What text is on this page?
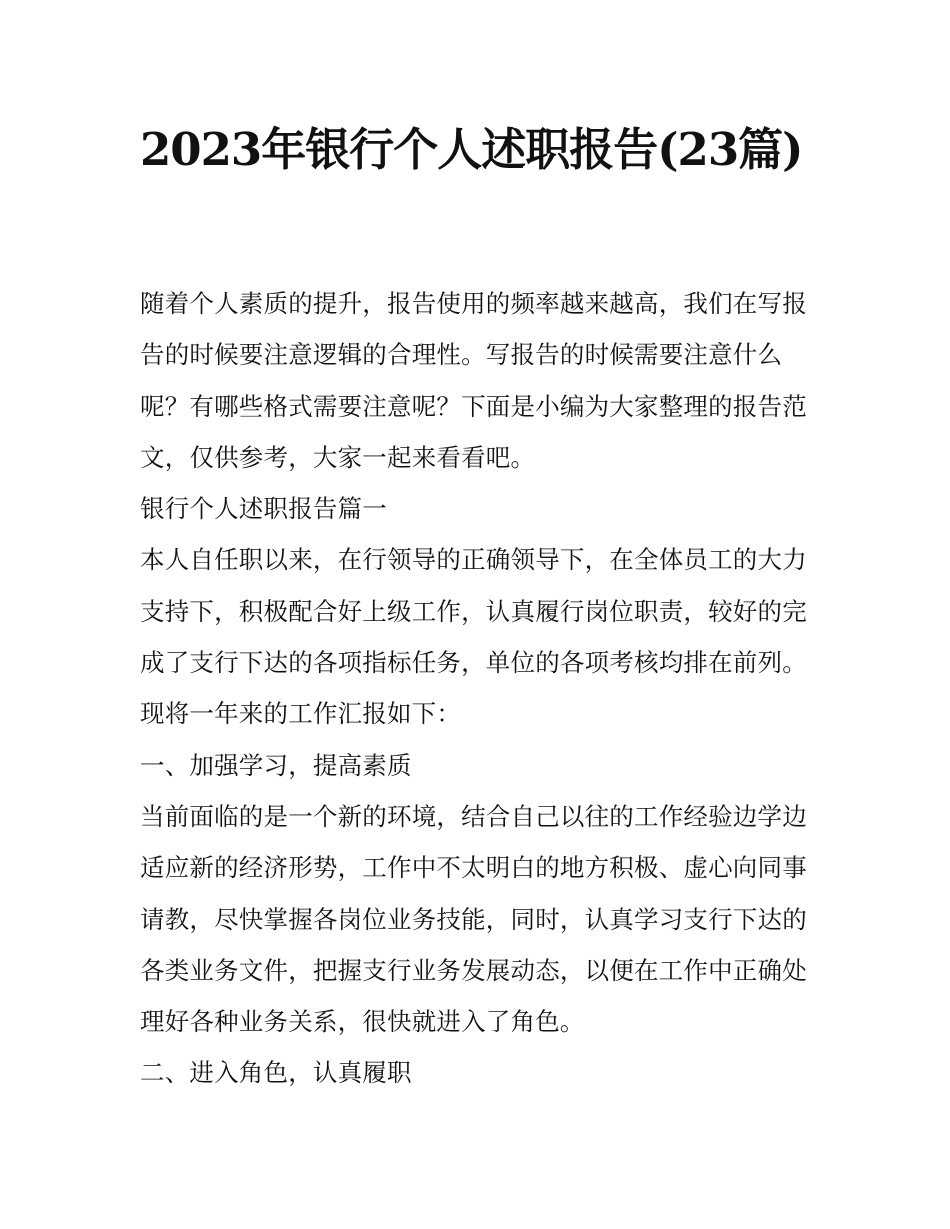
2023年银行个人述职报告(23篇)

随着个人素质的提升，报告使用的频率越来越高，我们在写报告的时候要注意逻辑的合理性。写报告的时候需要注意什么呢？有哪些格式需要注意呢？下面是小编为大家整理的报告范文，仅供参考，大家一起来看看吧。

银行个人述职报告篇一

本人自任职以来，在行领导的正确领导下，在全体员工的大力支持下，积极配合好上级工作，认真履行岗位职责，较好的完成了支行下达的各项指标任务，单位的各项考核均排在前列。现将一年来的工作汇报如下：

一、加强学习，提高素质

当前面临的是一个新的环境，结合自己以往的工作经验边学边适应新的经济形势，工作中不太明白的地方积极、虚心向同事请教，尽快掌握各岗位业务技能，同时，认真学习支行下达的各类业务文件，把握支行业务发展动态，以便在工作中正确处理好各种业务关系，很快就进入了角色。

二、进入角色，认真履职
